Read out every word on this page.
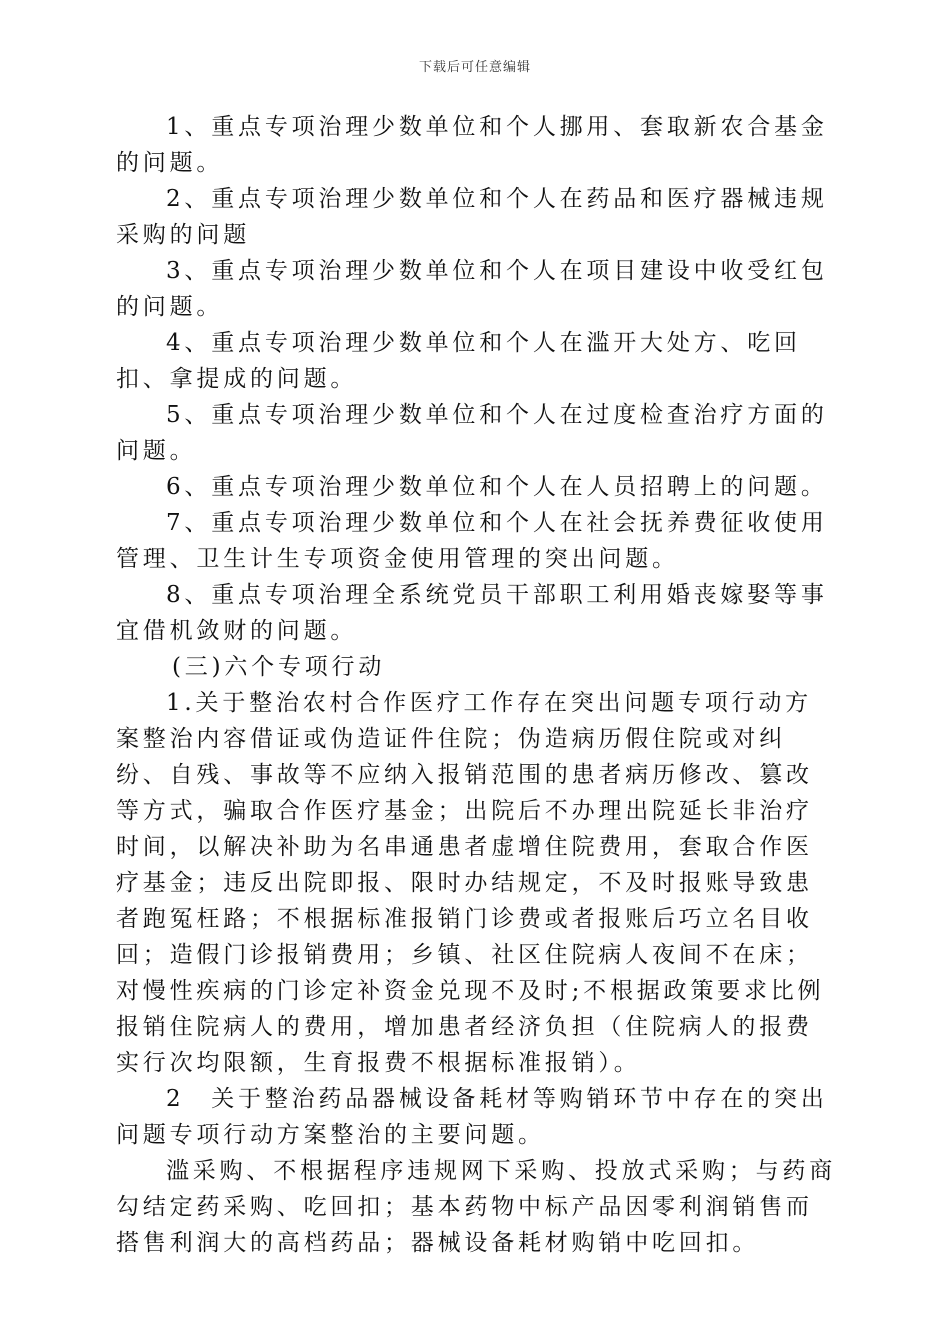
下载后可任意编辑

1、重点专项治理少数单位和个人挪用、套取新农合基金的问题。

2、重点专项治理少数单位和个人在药品和医疗器械违规采购的问题

3、重点专项治理少数单位和个人在项目建设中收受红包的问题。

4、重点专项治理少数单位和个人在滥开大处方、吃回扣、拿提成的问题。

5、重点专项治理少数单位和个人在过度检查治疗方面的问题。

6、重点专项治理少数单位和个人在人员招聘上的问题。

7、重点专项治理少数单位和个人在社会抚养费征收使用管理、卫生计生专项资金使用管理的突出问题。

8、重点专项治理全系统党员干部职工利用婚丧嫁娶等事宜借机敛财的问题。

(三)六个专项行动

1.关于整治农村合作医疗工作存在突出问题专项行动方案整治内容借证或伪造证件住院；伪造病历假住院或对纠纷、自残、事故等不应纳入报销范围的患者病历修改、篡改等方式，骗取合作医疗基金；出院后不办理出院延长非治疗时间，以解决补助为名串通患者虚增住院费用，套取合作医疗基金；违反出院即报、限时办结规定，不及时报账导致患者跑冤枉路；不根据标准报销门诊费或者报账后巧立名目收回；造假门诊报销费用；乡镇、社区住院病人夜间不在床；对慢性疾病的门诊定补资金兑现不及时;不根据政策要求比例报销住院病人的费用，增加患者经济负担（住院病人的报费实行次均限额，生育报费不根据标准报销）。

2　关于整治药品器械设备耗材等购销环节中存在的突出问题专项行动方案整治的主要问题。

滥采购、不根据程序违规网下采购、投放式采购；与药商勾结定药采购、吃回扣；基本药物中标产品因零利润销售而搭售利润大的高档药品；器械设备耗材购销中吃回扣。
